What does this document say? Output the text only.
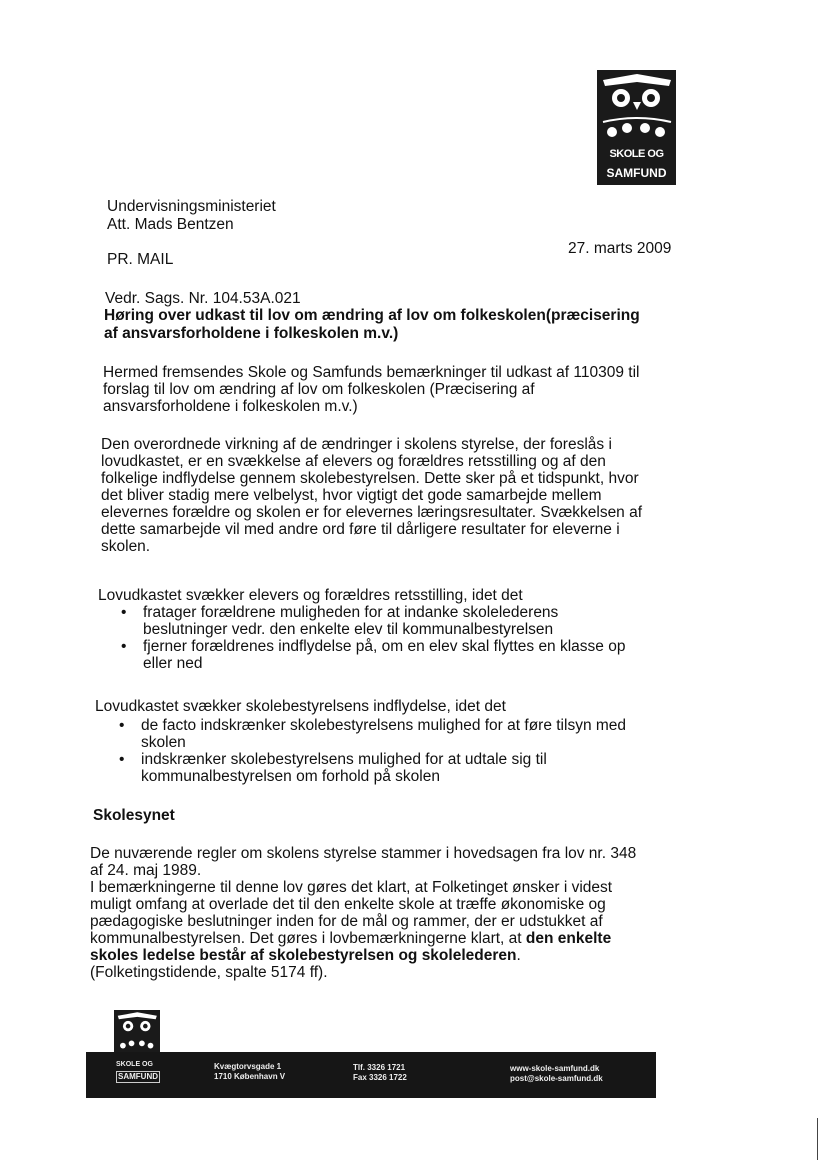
SKOLE OG
SAMFUND
Undervisningsministeriet
Att. Mads Bentzen
27. marts 2009
PR. MAIL
Vedr. Sags. Nr. 104.53A.021
Høring over udkast til lov om ændring af lov om folkeskolen(præcisering
af ansvarsforholdene i folkeskolen m.v.)
Hermed fremsendes Skole og Samfunds bemærkninger til udkast af 110309 til
forslag til lov om ændring af lov om folkeskolen (Præcisering af
ansvarsforholdene i folkeskolen m.v.)
Den overordnede virkning af de ændringer i skolens styrelse, der foreslås i
lovudkastet, er en svækkelse af elevers og forældres retsstilling og af den
folkelige indflydelse gennem skolebestyrelsen. Dette sker på et tidspunkt, hvor
det bliver stadig mere velbelyst, hvor vigtigt det gode samarbejde mellem
elevernes forældre og skolen er for elevernes læringsresultater. Svækkelsen af
dette samarbejde vil med andre ord føre til dårligere resultater for eleverne i
skolen.
Lovudkastet svækker elevers og forældres retsstilling, idet det
• fratager forældrene muligheden for at indanke skolelederens
beslutninger vedr. den enkelte elev til kommunalbestyrelsen
• fjerner forældrenes indflydelse på, om en elev skal flyttes en klasse op
eller ned
Lovudkastet svækker skolebestyrelsens indflydelse, idet det
• de facto indskrænker skolebestyrelsens mulighed for at føre tilsyn med
skolen
• indskrænker skolebestyrelsens mulighed for at udtale sig til
kommunalbestyrelsen om forhold på skolen
Skolesynet
De nuværende regler om skolens styrelse stammer i hovedsagen fra lov nr. 348
af 24. maj 1989.
I bemærkningerne til denne lov gøres det klart, at Folketinget ønsker i videst
muligt omfang at overlade det til den enkelte skole at træffe økonomiske og
pædagogiske beslutninger inden for de mål og rammer, der er udstukket af
kommunalbestyrelsen. Det gøres i lovbemærkningerne klart, at den enkelte
skoles ledelse består af skolebestyrelsen og skolelederen.
(Folketingstidende, spalte 5174 ff).
SKOLE OG
SAMFUND
Kvægtorvsgade 1
1710 København V
Tlf. 3326 1721
Fax 3326 1722
www-skole-samfund.dk
post@skole-samfund.dk
